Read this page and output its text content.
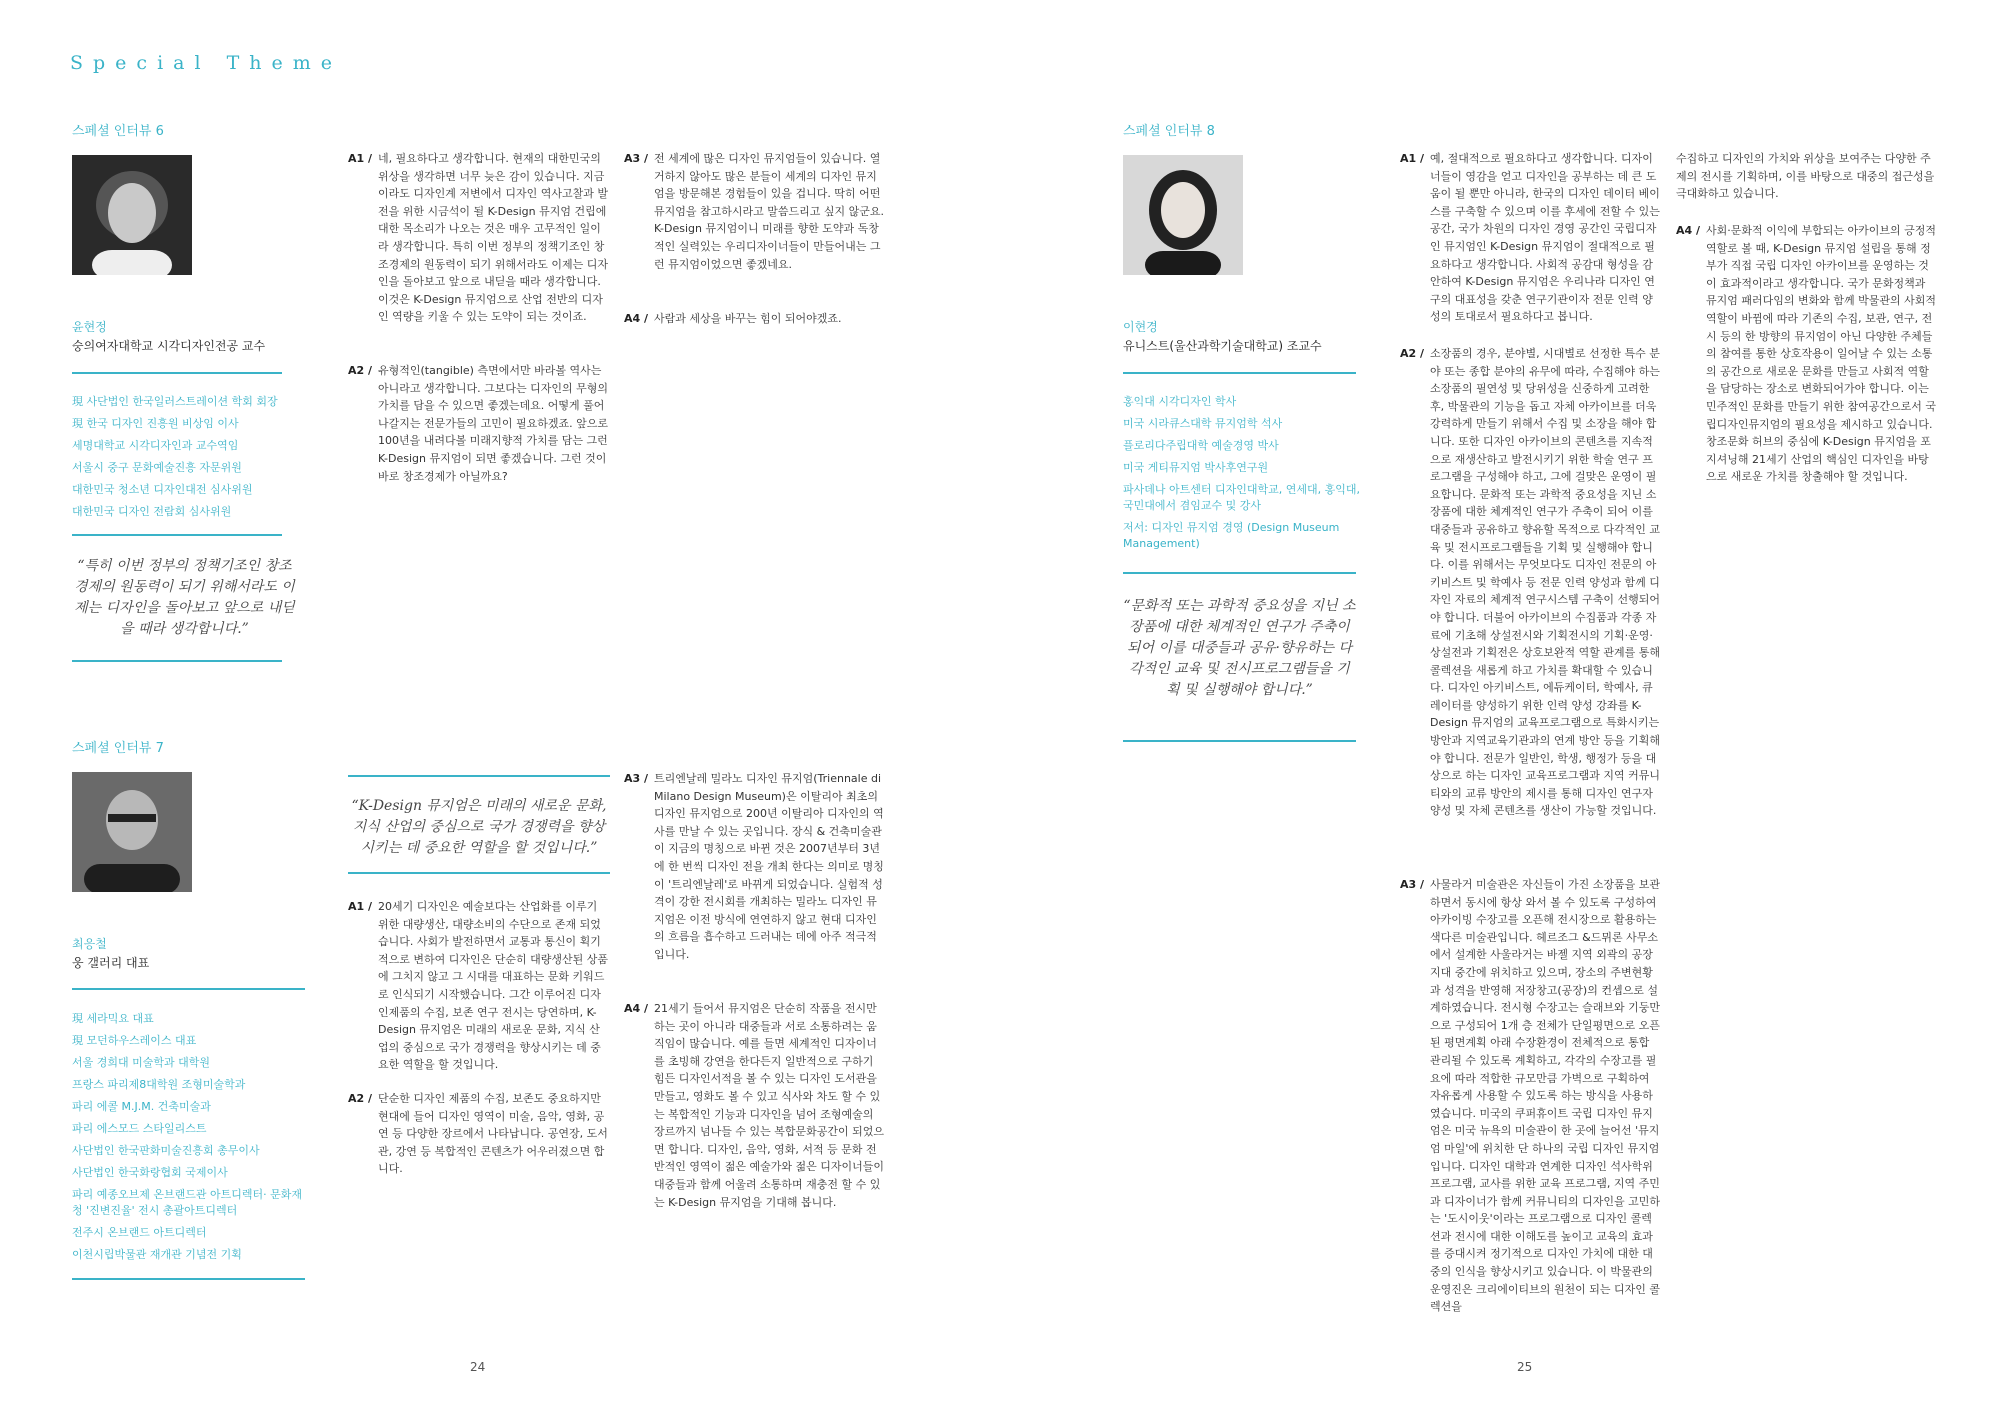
Special Theme
스페셜 인터뷰 6
윤현정
숭의여자대학교 시각디자인전공 교수
現 사단법인 한국일러스트레이션 학회 회장
現 한국 디자인 진흥원 비상임 이사
세명대학교 시각디자인과 교수역임
서울시 중구 문화예술진흥 자문위원
대한민국 청소년 디자인대전 심사위원
대한민국 디자인 전람회 심사위원
“특히 이번 정부의 정책기조인 창조경제의 원동력이 되기 위해서라도 이제는 디자인을 돌아보고 앞으로 내딛을 때라 생각합니다.”
A1 / 네, 필요하다고 생각합니다. 현재의 대한민국의 위상을 생각하면 너무 늦은 감이 있습니다. 지금이라도 디자인계 저변에서 디자인 역사고찰과 발전을 위한 시금석이 될 K-Design 뮤지엄 건립에 대한 목소리가 나오는 것은 매우 고무적인 일이라 생각합니다. 특히 이번 정부의 정책기조인 창조경제의 원동력이 되기 위해서라도 이제는 디자인을 돌아보고 앞으로 내딛을 때라 생각합니다. 이것은 K-Design 뮤지엄으로 산업 전반의 디자인 역량을 키울 수 있는 도약이 되는 것이죠.
A2 / 유형적인(tangible) 측면에서만 바라볼 역사는 아니라고 생각합니다. 그보다는 디자인의 무형의 가치를 담을 수 있으면 좋겠는데요. 어떻게 풀어나갈지는 전문가들의 고민이 필요하겠죠. 앞으로 100년을 내려다볼 미래지향적 가치를 담는 그런 K-Design 뮤지엄이 되면 좋겠습니다. 그런 것이 바로 창조경제가 아닐까요?
A3 / 전 세계에 많은 디자인 뮤지엄들이 있습니다. 열거하지 않아도 많은 분들이 세계의 디자인 뮤지엄을 방문해본 경험들이 있을 겁니다. 딱히 어떤 뮤지엄을 참고하시라고 말씀드리고 싶지 않군요. K-Design 뮤지엄이니 미래를 향한 도약과 독창적인 실력있는 우리디자이너들이 만들어내는 그런 뮤지엄이었으면 좋겠네요.
A4 / 사람과 세상을 바꾸는 힘이 되어야겠죠.
스페셜 인터뷰 7
최응철
웅 갤러리 대표
現 세라믹요 대표
現 모던하우스레이스 대표
서울 경희대 미술학과 대학원
프랑스 파리제8대학원 조형미술학과
파리 에콜 M.J.M. 건축미술과
파리 에스모드 스타일리스트
사단법인 한국판화미술진흥회 총무이사
사단법인 한국화랑협회 국제이사
파리 예종오브제 온브랜드관 아트디렉터· 문화재청 '진변진율' 전시 총괄아트디렉터
전주시 온브랜드 아트디렉터
이천시립박물관 재개관 기념전 기획
“K-Design 뮤지엄은 미래의 새로운 문화, 지식 산업의 중심으로 국가 경쟁력을 향상시키는 데 중요한 역할을 할 것입니다.”
A1 / 20세기 디자인은 예술보다는 산업화를 이루기 위한 대량생산, 대량소비의 수단으로 존재 되었습니다. 사회가 발전하면서 교통과 통신이 획기적으로 변하여 디자인은 단순히 대량생산된 상품에 그치지 않고 그 시대를 대표하는 문화 키워드로 인식되기 시작했습니다. 그간 이루어진 디자인제품의 수집, 보존 연구 전시는 당연하며, K-Design 뮤지엄은 미래의 새로운 문화, 지식 산업의 중심으로 국가 경쟁력을 향상시키는 데 중요한 역할을 할 것입니다.
A2 / 단순한 디자인 제품의 수집, 보존도 중요하지만 현대에 들어 디자인 영역이 미술, 음악, 영화, 공연 등 다양한 장르에서 나타납니다. 공연장, 도서관, 강연 등 복합적인 콘텐츠가 어우러졌으면 합니다.
A3 / 트리엔날레 밀라노 디자인 뮤지엄(Triennale di Milano Design Museum)은 이탈리아 최초의 디자인 뮤지엄으로 200년 이탈리아 디자인의 역사를 만날 수 있는 곳입니다. 장식 & 건축미술관이 지금의 명칭으로 바뀐 것은 2007년부터 3년에 한 번씩 디자인 전을 개최 한다는 의미로 명칭이 '트리엔날레'로 바뀌게 되었습니다. 실험적 성격이 강한 전시회를 개최하는 밀라노 디자인 뮤지엄은 이전 방식에 연연하지 않고 현대 디자인의 흐름을 흡수하고 드러내는 데에 아주 적극적입니다.
A4 / 21세기 들어서 뮤지엄은 단순히 작품을 전시만 하는 곳이 아니라 대중들과 서로 소통하려는 움직임이 많습니다. 예를 들면 세계적인 디자이너를 초빙해 강연을 한다든지 일반적으로 구하기 힘든 디자인서적을 볼 수 있는 디자인 도서관을 만들고, 영화도 볼 수 있고 식사와 차도 할 수 있는 복합적인 기능과 디자인을 넘어 조형예술의 장르까지 넘나들 수 있는 복합문화공간이 되었으면 합니다. 디자인, 음악, 영화, 서적 등 문화 전반적인 영역이 젊은 예술가와 젊은 디자이너들이 대중들과 함께 어울려 소통하며 재충전 할 수 있는 K-Design 뮤지엄을 기대해 봅니다.
24
스페셜 인터뷰 8
이현경
유니스트(울산과학기술대학교) 조교수
홍익대 시각디자인 학사
미국 시라큐스대학 뮤지엄학 석사
플로리다주립대학 예술경영 박사
미국 게티뮤지엄 박사후연구원
파사데나 아트센터 디자인대학교, 연세대, 홍익대, 국민대에서 겸임교수 및 강사
저서: 디자인 뮤지엄 경영 (Design Museum Management)
“문화적 또는 과학적 중요성을 지닌 소장품에 대한 체계적인 연구가 주축이 되어 이를 대중들과 공유·향유하는 다각적인 교육 및 전시프로그램들을 기획 및 실행해야 합니다.”
A1 / 예, 절대적으로 필요하다고 생각합니다. 디자이너들이 영감을 얻고 디자인을 공부하는 데 큰 도움이 될 뿐만 아니라, 한국의 디자인 데이터 베이스를 구축할 수 있으며 이를 후세에 전할 수 있는 공간, 국가 차원의 디자인 경영 공간인 국립디자인 뮤지엄인 K-Design 뮤지엄이 절대적으로 필요하다고 생각합니다. 사회적 공감대 형성을 감안하여 K-Design 뮤지엄은 우리나라 디자인 연구의 대표성을 갖춘 연구기관이자 전문 인력 양성의 토대로서 필요하다고 봅니다.
A2 / 소장품의 경우, 분야별, 시대별로 선정한 특수 분야 또는 종합 분야의 유무에 따라, 수집해야 하는 소장품의 필연성 및 당위성을 신중하게 고려한 후, 박물관의 기능을 돕고 자체 아카이브를 더욱 강력하게 만들기 위해서 수집 및 소장을 해야 합니다. 또한 디자인 아카이브의 콘텐츠를 지속적으로 재생산하고 발전시키기 위한 학술 연구 프로그램을 구성해야 하고, 그에 걸맞은 운영이 필요합니다. 문화적 또는 과학적 중요성을 지닌 소장품에 대한 체계적인 연구가 주축이 되어 이를 대중들과 공유하고 향유할 목적으로 다각적인 교육 및 전시프로그램들을 기획 및 실행해야 합니다. 이를 위해서는 무엇보다도 디자인 전문의 아키비스트 및 학예사 등 전문 인력 양성과 함께 디자인 자료의 체계적 연구시스템 구축이 선행되어야 합니다. 더불어 아카이브의 수집품과 각종 자료에 기초해 상설전시와 기획전시의 기획·운영·상설전과 기획전은 상호보완적 역할 관계를 통해 콜렉션을 새롭게 하고 가치를 확대할 수 있습니다. 디자인 아키비스트, 에듀케이터, 학예사, 큐레이터를 양성하기 위한 인력 양성 강좌를 K-Design 뮤지엄의 교육프로그램으로 특화시키는 방안과 지역교육기관과의 연계 방안 등을 기획해야 합니다. 전문가 일반인, 학생, 행정가 등을 대상으로 하는 디자인 교육프로그램과 지역 커뮤니티와의 교류 방안의 제시를 통해 디자인 연구자 양성 및 자체 콘텐츠를 생산이 가능할 것입니다.
A3 / 사물라거 미술관은 자신들이 가진 소장품을 보관하면서 동시에 항상 와서 볼 수 있도록 구성하여 아카이빙 수장고를 오픈해 전시장으로 활용하는 색다른 미술관입니다. 헤르조그 &드뮈론 사무소에서 설계한 사울라거는 바젤 지역 외곽의 공장지대 중간에 위치하고 있으며, 장소의 주변현황과 성격을 반영해 저장창고(공장)의 컨셉으로 설계하였습니다. 전시형 수장고는 슬래브와 기둥만으로 구성되어 1개 층 전체가 단일평면으로 오픈된 평면계획 아래 수장환경이 전체적으로 통합 관리될 수 있도록 계획하고, 각각의 수장고를 필요에 따라 적합한 규모만큼 가벽으로 구획하여 자유롭게 사용할 수 있도록 하는 방식을 사용하였습니다. 미국의 쿠퍼휴이트 국립 디자인 뮤지엄은 미국 뉴욕의 미술관이 한 곳에 늘어선 '뮤지엄 마일'에 위치한 단 하나의 국립 디자인 뮤지엄입니다. 디자인 대학과 연계한 디자인 석사학위 프로그램, 교사를 위한 교육 프로그램, 지역 주민과 디자이너가 함께 커뮤니티의 디자인을 고민하는 '도시이웃'이라는 프로그램으로 디자인 콜렉션과 전시에 대한 이해도를 높이고 교육의 효과를 증대시켜 정기적으로 디자인 가치에 대한 대중의 인식을 향상시키고 있습니다. 이 박물관의 운영진은 크리에이티브의 원천이 되는 디자인 콜렉션을
수집하고 디자인의 가치와 위상을 보여주는 다양한 주제의 전시를 기획하며, 이를 바탕으로 대중의 접근성을 극대화하고 있습니다.
A4 / 사회·문화적 이익에 부합되는 아카이브의 긍정적 역할로 볼 때, K-Design 뮤지엄 설립을 통해 정부가 직접 국립 디자인 아카이브를 운영하는 것이 효과적이라고 생각합니다. 국가 문화정책과 뮤지엄 패러다임의 변화와 함께 박물관의 사회적 역할이 바뀜에 따라 기존의 수집, 보관, 연구, 전시 등의 한 방향의 뮤지엄이 아닌 다양한 주체들의 참여를 통한 상호작용이 일어날 수 있는 소통의 공간으로 새로운 문화를 만들고 사회적 역할을 담당하는 장소로 변화되어가야 합니다. 이는 민주적인 문화를 만들기 위한 참여공간으로서 국립디자인뮤지엄의 필요성을 제시하고 있습니다. 창조문화 허브의 중심에 K-Design 뮤지엄을 포지셔닝해 21세기 산업의 핵심인 디자인을 바탕으로 새로운 가치를 창출해야 할 것입니다.
25
